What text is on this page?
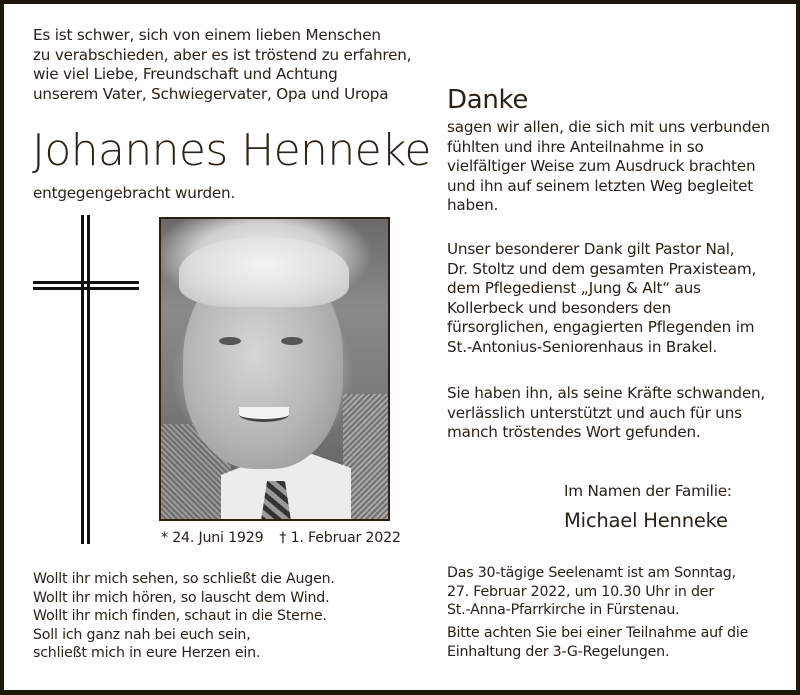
Es ist schwer, sich von einem lieben Menschen
zu verabschieden, aber es ist tröstend zu erfahren,
wie viel Liebe, Freundschaft und Achtung
unserem Vater, Schwiegervater, Opa und Uropa
Johannes Henneke
entgegengebracht wurden.
* 24. Juni 1929 † 1. Februar 2022
Wollt ihr mich sehen, so schließt die Augen.
Wollt ihr mich hören, so lauscht dem Wind.
Wollt ihr mich finden, schaut in die Sterne.
Soll ich ganz nah bei euch sein,
schließt mich in eure Herzen ein.
Danke
sagen wir allen, die sich mit uns verbunden
fühlten und ihre Anteilnahme in so
vielfältiger Weise zum Ausdruck brachten
und ihn auf seinem letzten Weg begleitet
haben.
Unser besonderer Dank gilt Pastor Nal,
Dr. Stoltz und dem gesamten Praxisteam,
dem Pflegedienst „Jung & Alt“ aus
Kollerbeck und besonders den
fürsorglichen, engagierten Pflegenden im
St.-Antonius-Seniorenhaus in Brakel.
Sie haben ihn, als seine Kräfte schwanden,
verlässlich unterstützt und auch für uns
manch tröstendes Wort gefunden.
Im Namen der Familie:
Michael Henneke
Das 30-tägige Seelenamt ist am Sonntag,
27. Februar 2022, um 10.30 Uhr in der
St.-Anna-Pfarrkirche in Fürstenau.
Bitte achten Sie bei einer Teilnahme auf die
Einhaltung der 3-G-Regelungen.
